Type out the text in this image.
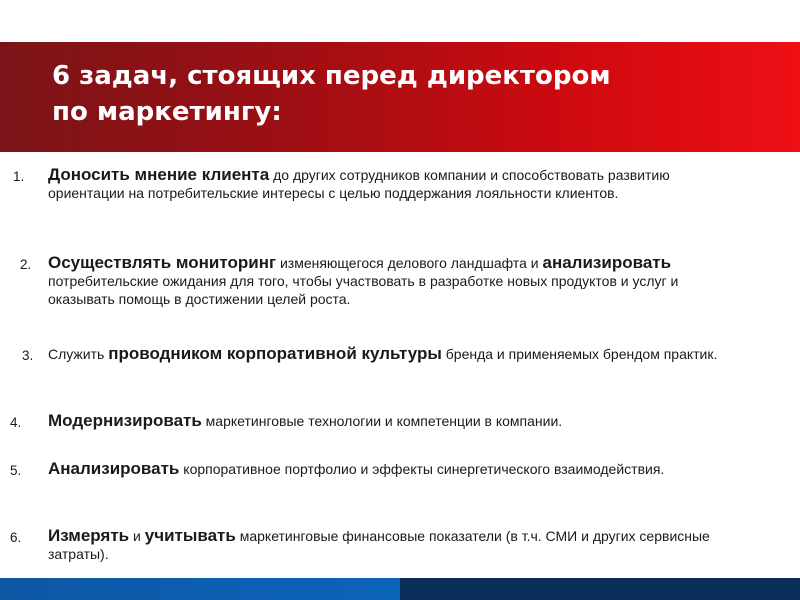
6 задач, стоящих перед директором
по маркетингу:
1. Доносить мнение клиента до других сотрудников компании и способствовать развитию ориентации на потребительские интересы с целью поддержания лояльности клиентов.
2. Осуществлять мониторинг изменяющегося делового ландшафта и анализировать потребительские ожидания для того, чтобы участвовать в разработке новых продуктов и услуг и оказывать помощь в достижении целей роста.
3. Служить проводником корпоративной культуры бренда и применяемых брендом практик.
4. Модернизировать маркетинговые технологии и компетенции в компании.
5. Анализировать корпоративное портфолио и эффекты синергетического взаимодействия.
6. Измерять и учитывать маркетинговые финансовые показатели (в т.ч. СМИ и других сервисные затраты).
